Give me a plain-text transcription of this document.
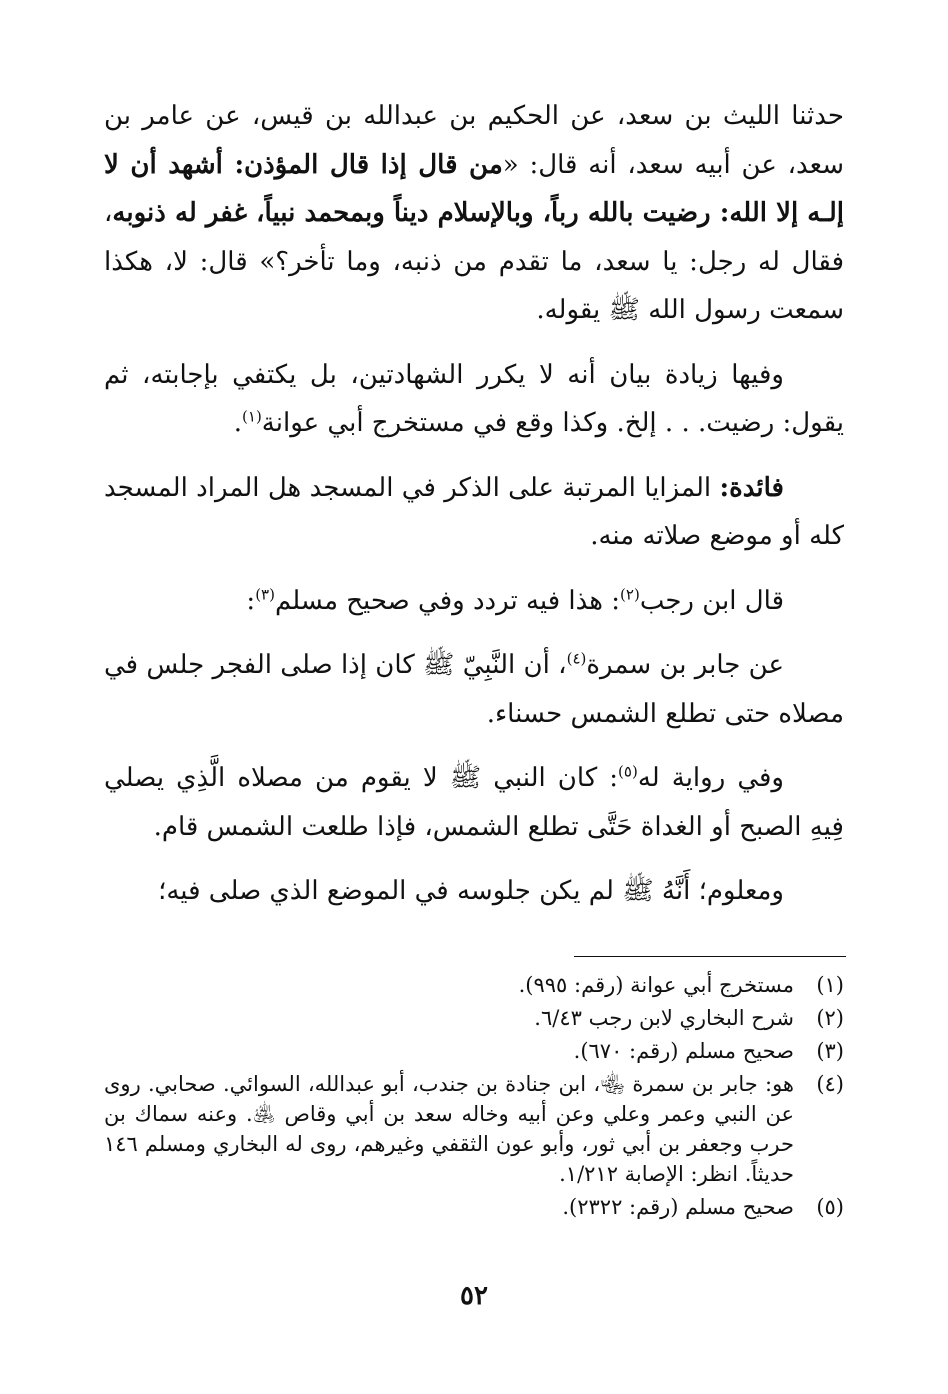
حدثنا الليث بن سعد، عن الحكيم بن عبدالله بن قيس، عن عامر بن سعد، عن أبيه سعد، أنه قال: «من قال إذا قال المؤذن: أشهد أن لا إلـه إلا الله: رضيت بالله رباً، وبالإسلام ديناً وبمحمد نبياً، غفر له ذنوبه، فقال له رجل: يا سعد، ما تقدم من ذنبه، وما تأخر؟» قال: لا، هكذا سمعت رسول الله ﷺ يقوله.

وفيها زيادة بيان أنه لا يكرر الشهادتين، بل يكتفي بإجابته، ثم يقول: رضيت. . . إلخ. وكذا وقع في مستخرج أبي عوانة$^{(١)}$.

فائدة: المزايا المرتبة على الذكر في المسجد هل المراد المسجد كله أو موضع صلاته منه.

قال ابن رجب$^{(٢)}$: هذا فيه تردد وفي صحيح مسلم$^{(٣)}$:

عن جابر بن سمرة$^{(٤)}$، أن النَّبِيّ ﷺ كان إذا صلى الفجر جلس في مصلاه حتى تطلع الشمس حسناء.

وفي رواية له$^{(٥)}$: كان النبي ﷺ لا يقوم من مصلاه الَّذِي يصلي فِيهِ الصبح أو الغداة حَتَّى تطلع الشمس، فإذا طلعت الشمس قام.

ومعلوم؛ أَنَّهُ ﷺ لم يكن جلوسه في الموضع الذي صلى فيه؛

(١)
مستخرج أبي عوانة (رقم: ٩٩٥).
(٢)
شرح البخاري لابن رجب ٦/٤٣.
(٣)
صحيح مسلم (رقم: ٦٧٠).
(٤)
هو: جابر بن سمرة ﵄، ابن جنادة بن جندب، أبو عبدالله، السوائي. صحابي. روى عن النبي وعمر وعلي وعن أبيه وخاله سعد بن أبي وقاص ﵁. وعنه سماك بن حرب وجعفر بن أبي ثور، وأبو عون الثقفي وغيرهم، روى له البخاري ومسلم ١٤٦ حديثاً. انظر: الإصابة ١/٢١٢.
(٥)
صحيح مسلم (رقم: ٢٣٢٢).
٥٢
